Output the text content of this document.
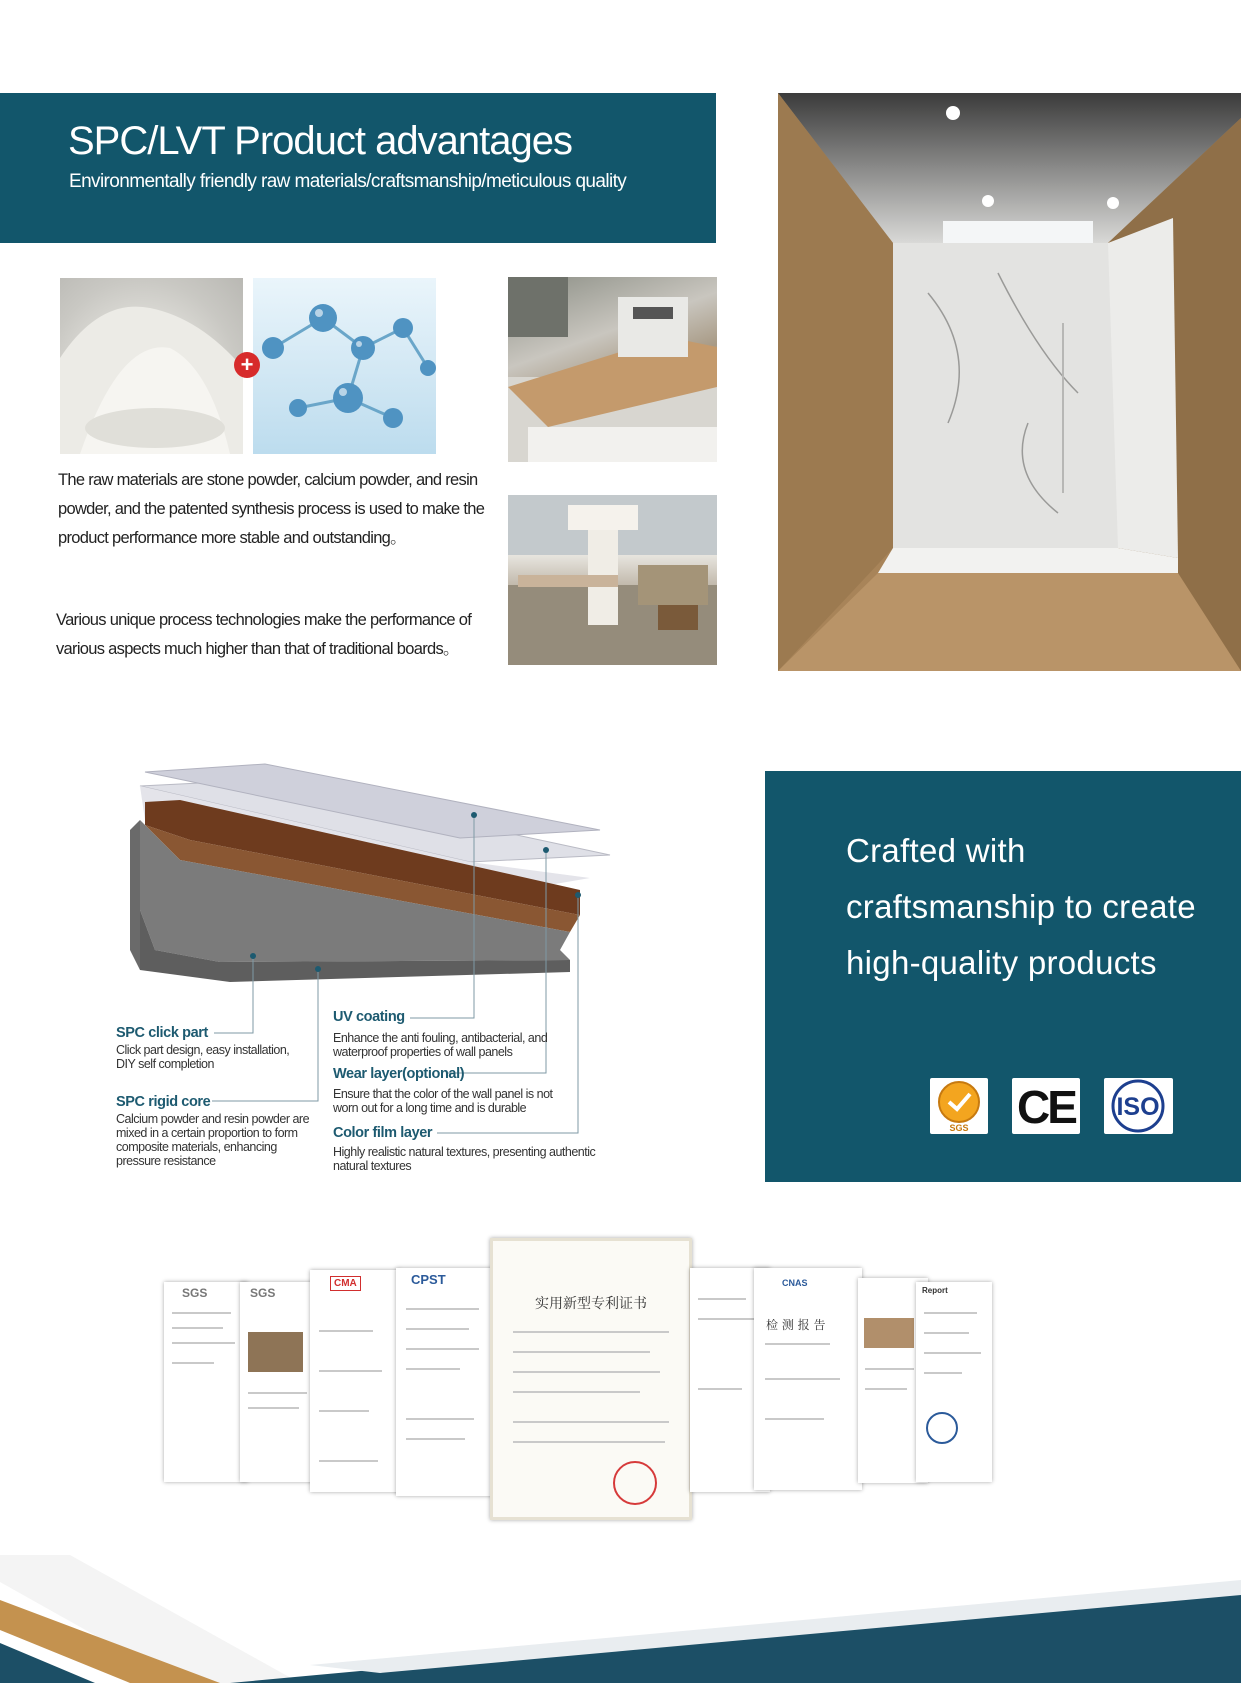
SPC/LVT Product advantages
Environmentally friendly raw materials/craftsmanship/meticulous quality
+
The raw materials are stone powder, calcium powder, and resin powder, and the patented synthesis process is used to make the product performance more stable and outstanding。
Various unique process technologies make the performance of various aspects much higher than that of traditional boards。
SPC click part
Click part design, easy installation, DIY self completion
SPC rigid core
Calcium powder and resin powder are mixed in a certain proportion to form composite materials, enhancing pressure resistance
UV coating
Enhance the anti fouling, antibacterial, and waterproof properties of wall panels
Wear layer(optional)
Ensure that the color of the wall panel is not worn out for a long time and is durable
Color film layer
Highly realistic natural textures, presenting authentic natural textures
Crafted with craftsmanship to create high-quality products
SGS CE ISO
SGS	SGS
CMA	CPST
实用新型专利证书
CNAS
检 测 报 告
Report
